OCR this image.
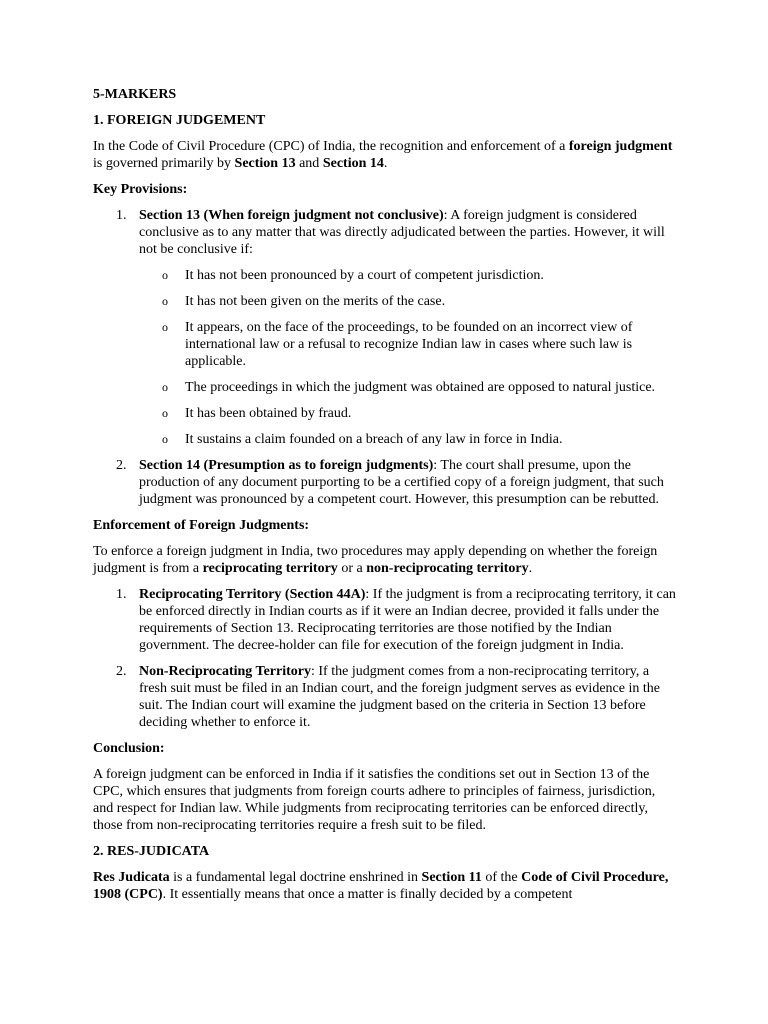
5-MARKERS

1. FOREIGN JUDGEMENT

In the Code of Civil Procedure (CPC) of India, the recognition and enforcement of a foreign judgment is governed primarily by Section 13 and Section 14.

Key Provisions:

1. Section 13 (When foreign judgment not conclusive): A foreign judgment is considered conclusive as to any matter that was directly adjudicated between the parties. However, it will not be conclusive if:

o It has not been pronounced by a court of competent jurisdiction.
o It has not been given on the merits of the case.
o It appears, on the face of the proceedings, to be founded on an incorrect view of international law or a refusal to recognize Indian law in cases where such law is applicable.
o The proceedings in which the judgment was obtained are opposed to natural justice.
o It has been obtained by fraud.
o It sustains a claim founded on a breach of any law in force in India.
2. Section 14 (Presumption as to foreign judgments): The court shall presume, upon the production of any document purporting to be a certified copy of a foreign judgment, that such judgment was pronounced by a competent court. However, this presumption can be rebutted.

Enforcement of Foreign Judgments:

To enforce a foreign judgment in India, two procedures may apply depending on whether the foreign judgment is from a reciprocating territory or a non-reciprocating territory.

1. Reciprocating Territory (Section 44A): If the judgment is from a reciprocating territory, it can be enforced directly in Indian courts as if it were an Indian decree, provided it falls under the requirements of Section 13. Reciprocating territories are those notified by the Indian government. The decree-holder can file for execution of the foreign judgment in India.

2. Non-Reciprocating Territory: If the judgment comes from a non-reciprocating territory, a fresh suit must be filed in an Indian court, and the foreign judgment serves as evidence in the suit. The Indian court will examine the judgment based on the criteria in Section 13 before deciding whether to enforce it.

Conclusion:

A foreign judgment can be enforced in India if it satisfies the conditions set out in Section 13 of the CPC, which ensures that judgments from foreign courts adhere to principles of fairness, jurisdiction, and respect for Indian law. While judgments from reciprocating territories can be enforced directly, those from non-reciprocating territories require a fresh suit to be filed.

2. RES-JUDICATA

Res Judicata is a fundamental legal doctrine enshrined in Section 11 of the Code of Civil Procedure, 1908 (CPC). It essentially means that once a matter is finally decided by a competent
